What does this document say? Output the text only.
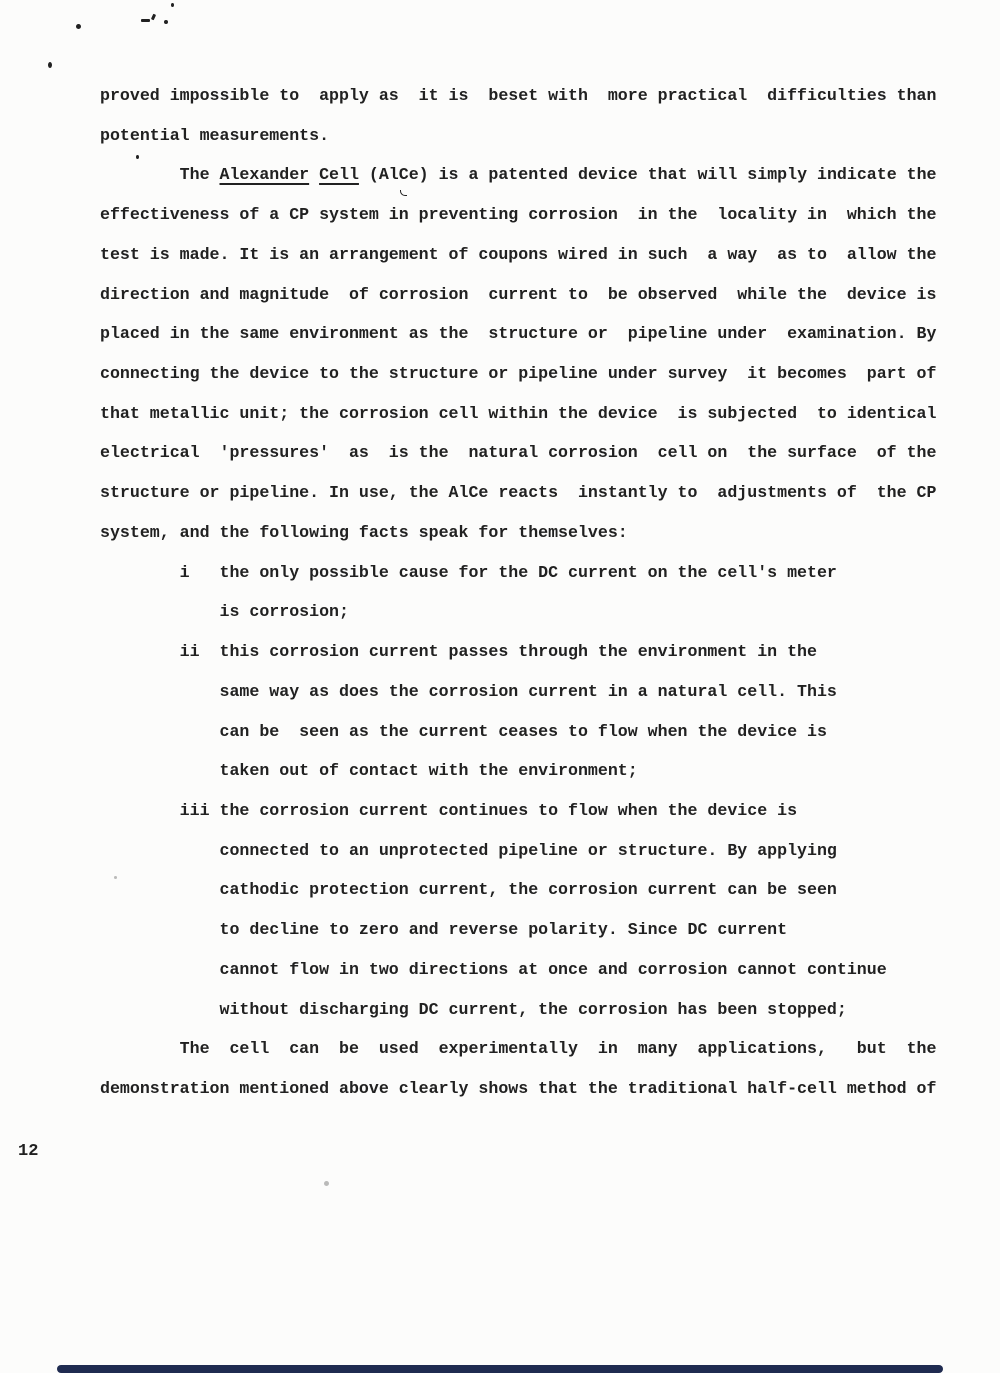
proved impossible to  apply as  it is  beset with  more practical  difficulties than
potential measurements.
The Alexander Cell (AlCe) is a patented device that will simply indicate the
effectiveness of a CP system in preventing corrosion  in the  locality in  which the
test is made. It is an arrangement of coupons wired in such  a way  as to  allow the
direction and magnitude  of corrosion  current to  be observed  while the  device is
placed in the same environment as the  structure or  pipeline under  examination. By
connecting the device to the structure or pipeline under survey  it becomes  part of
that metallic unit; the corrosion cell within the device  is subjected  to identical
electrical  'pressures'  as  is the  natural corrosion  cell on  the surface  of the
structure or pipeline. In use, the AlCe reacts  instantly to  adjustments of  the CP
system, and the following facts speak for themselves:
i   the only possible cause for the DC current on the cell's meter
is corrosion;
ii  this corrosion current passes through the environment in the
same way as does the corrosion current in a natural cell. This
can be  seen as the current ceases to flow when the device is
taken out of contact with the environment;
iii the corrosion current continues to flow when the device is
connected to an unprotected pipeline or structure. By applying
cathodic protection current, the corrosion current can be seen
to decline to zero and reverse polarity. Since DC current
cannot flow in two directions at once and corrosion cannot continue
without discharging DC current, the corrosion has been stopped;
The  cell  can  be  used  experimentally  in  many  applications,   but  the
demonstration mentioned above clearly shows that the traditional half-cell method of
12
